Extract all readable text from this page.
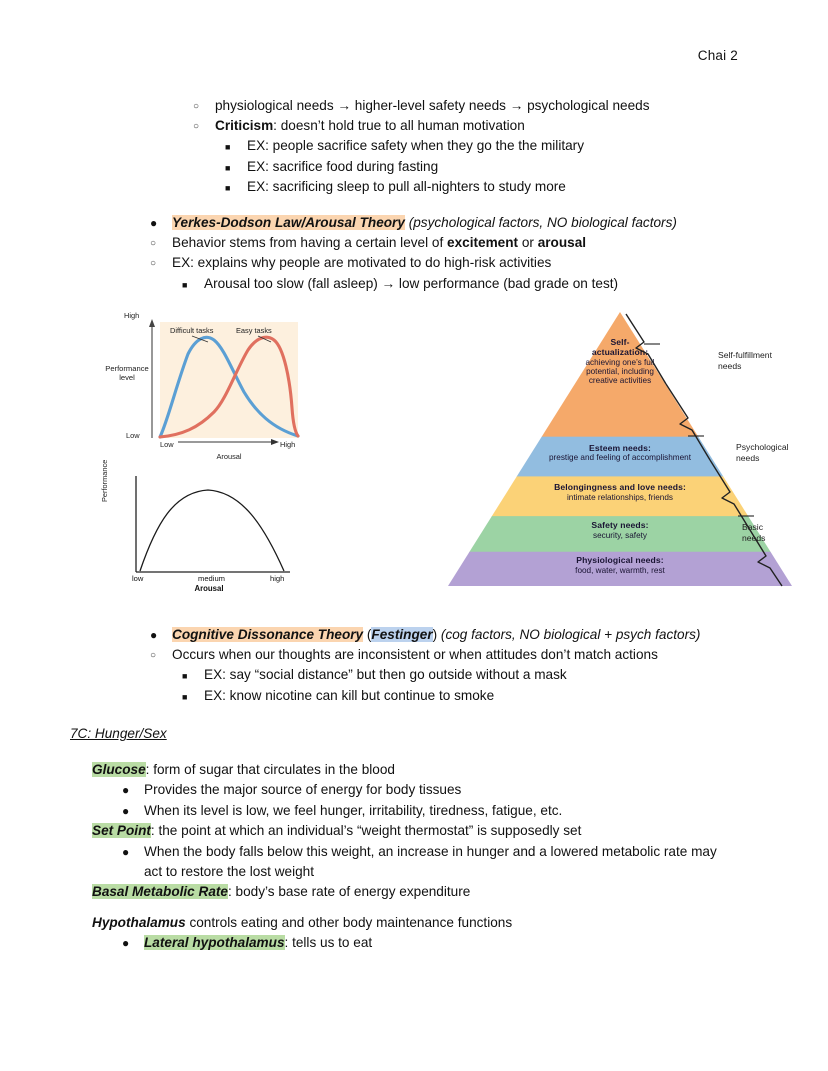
Chai 2
○	physiological needs → higher-level safety needs → psychological needs
○	Criticism: doesn’t hold true to all human motivation
■	EX: people sacrifice safety when they go the the military
■	EX: sacrifice food during fasting
■	EX: sacrificing sleep to pull all-nighters to study more
●	Yerkes-Dodson Law/Arousal Theory (psychological factors, NO biological factors)
○	Behavior stems from having a certain level of excitement or arousal
○	EX: explains why people are motivated to do high-risk activities
■	Arousal too slow (fall asleep) → low performance (bad grade on test)
Performance
level
High
Low
Difficult tasks	Easy tasks
Low	High
Arousal
Performance
low	medium	high
Arousal
Self-
actualization:
achieving one’s full potential, including creative activities
Esteem needs:
prestige and feeling of accomplishment
Belongingness and love needs:
intimate relationships, friends
Safety needs:
security, safety
Physiological needs:
food, water, warmth, rest
Self-fulfillment
needs
Psychological
needs
Basic
needs
●	Cognitive Dissonance Theory (Festinger) (cog factors, NO biological + psych factors)
○	Occurs when our thoughts are inconsistent or when attitudes don’t match actions
■	EX: say “social distance” but then go outside without a mask
■	EX: know nicotine can kill but continue to smoke
7C: Hunger/Sex
Glucose: form of sugar that circulates in the blood
●	Provides the major source of energy for body tissues
●	When its level is low, we feel hunger, irritability, tiredness, fatigue, etc.
Set Point: the point at which an individual’s “weight thermostat” is supposedly set
●	When the body falls below this weight, an increase in hunger and a lowered metabolic rate may act to restore the lost weight
Basal Metabolic Rate: body’s base rate of energy expenditure
Hypothalamus controls eating and other body maintenance functions
●	Lateral hypothalamus: tells us to eat
